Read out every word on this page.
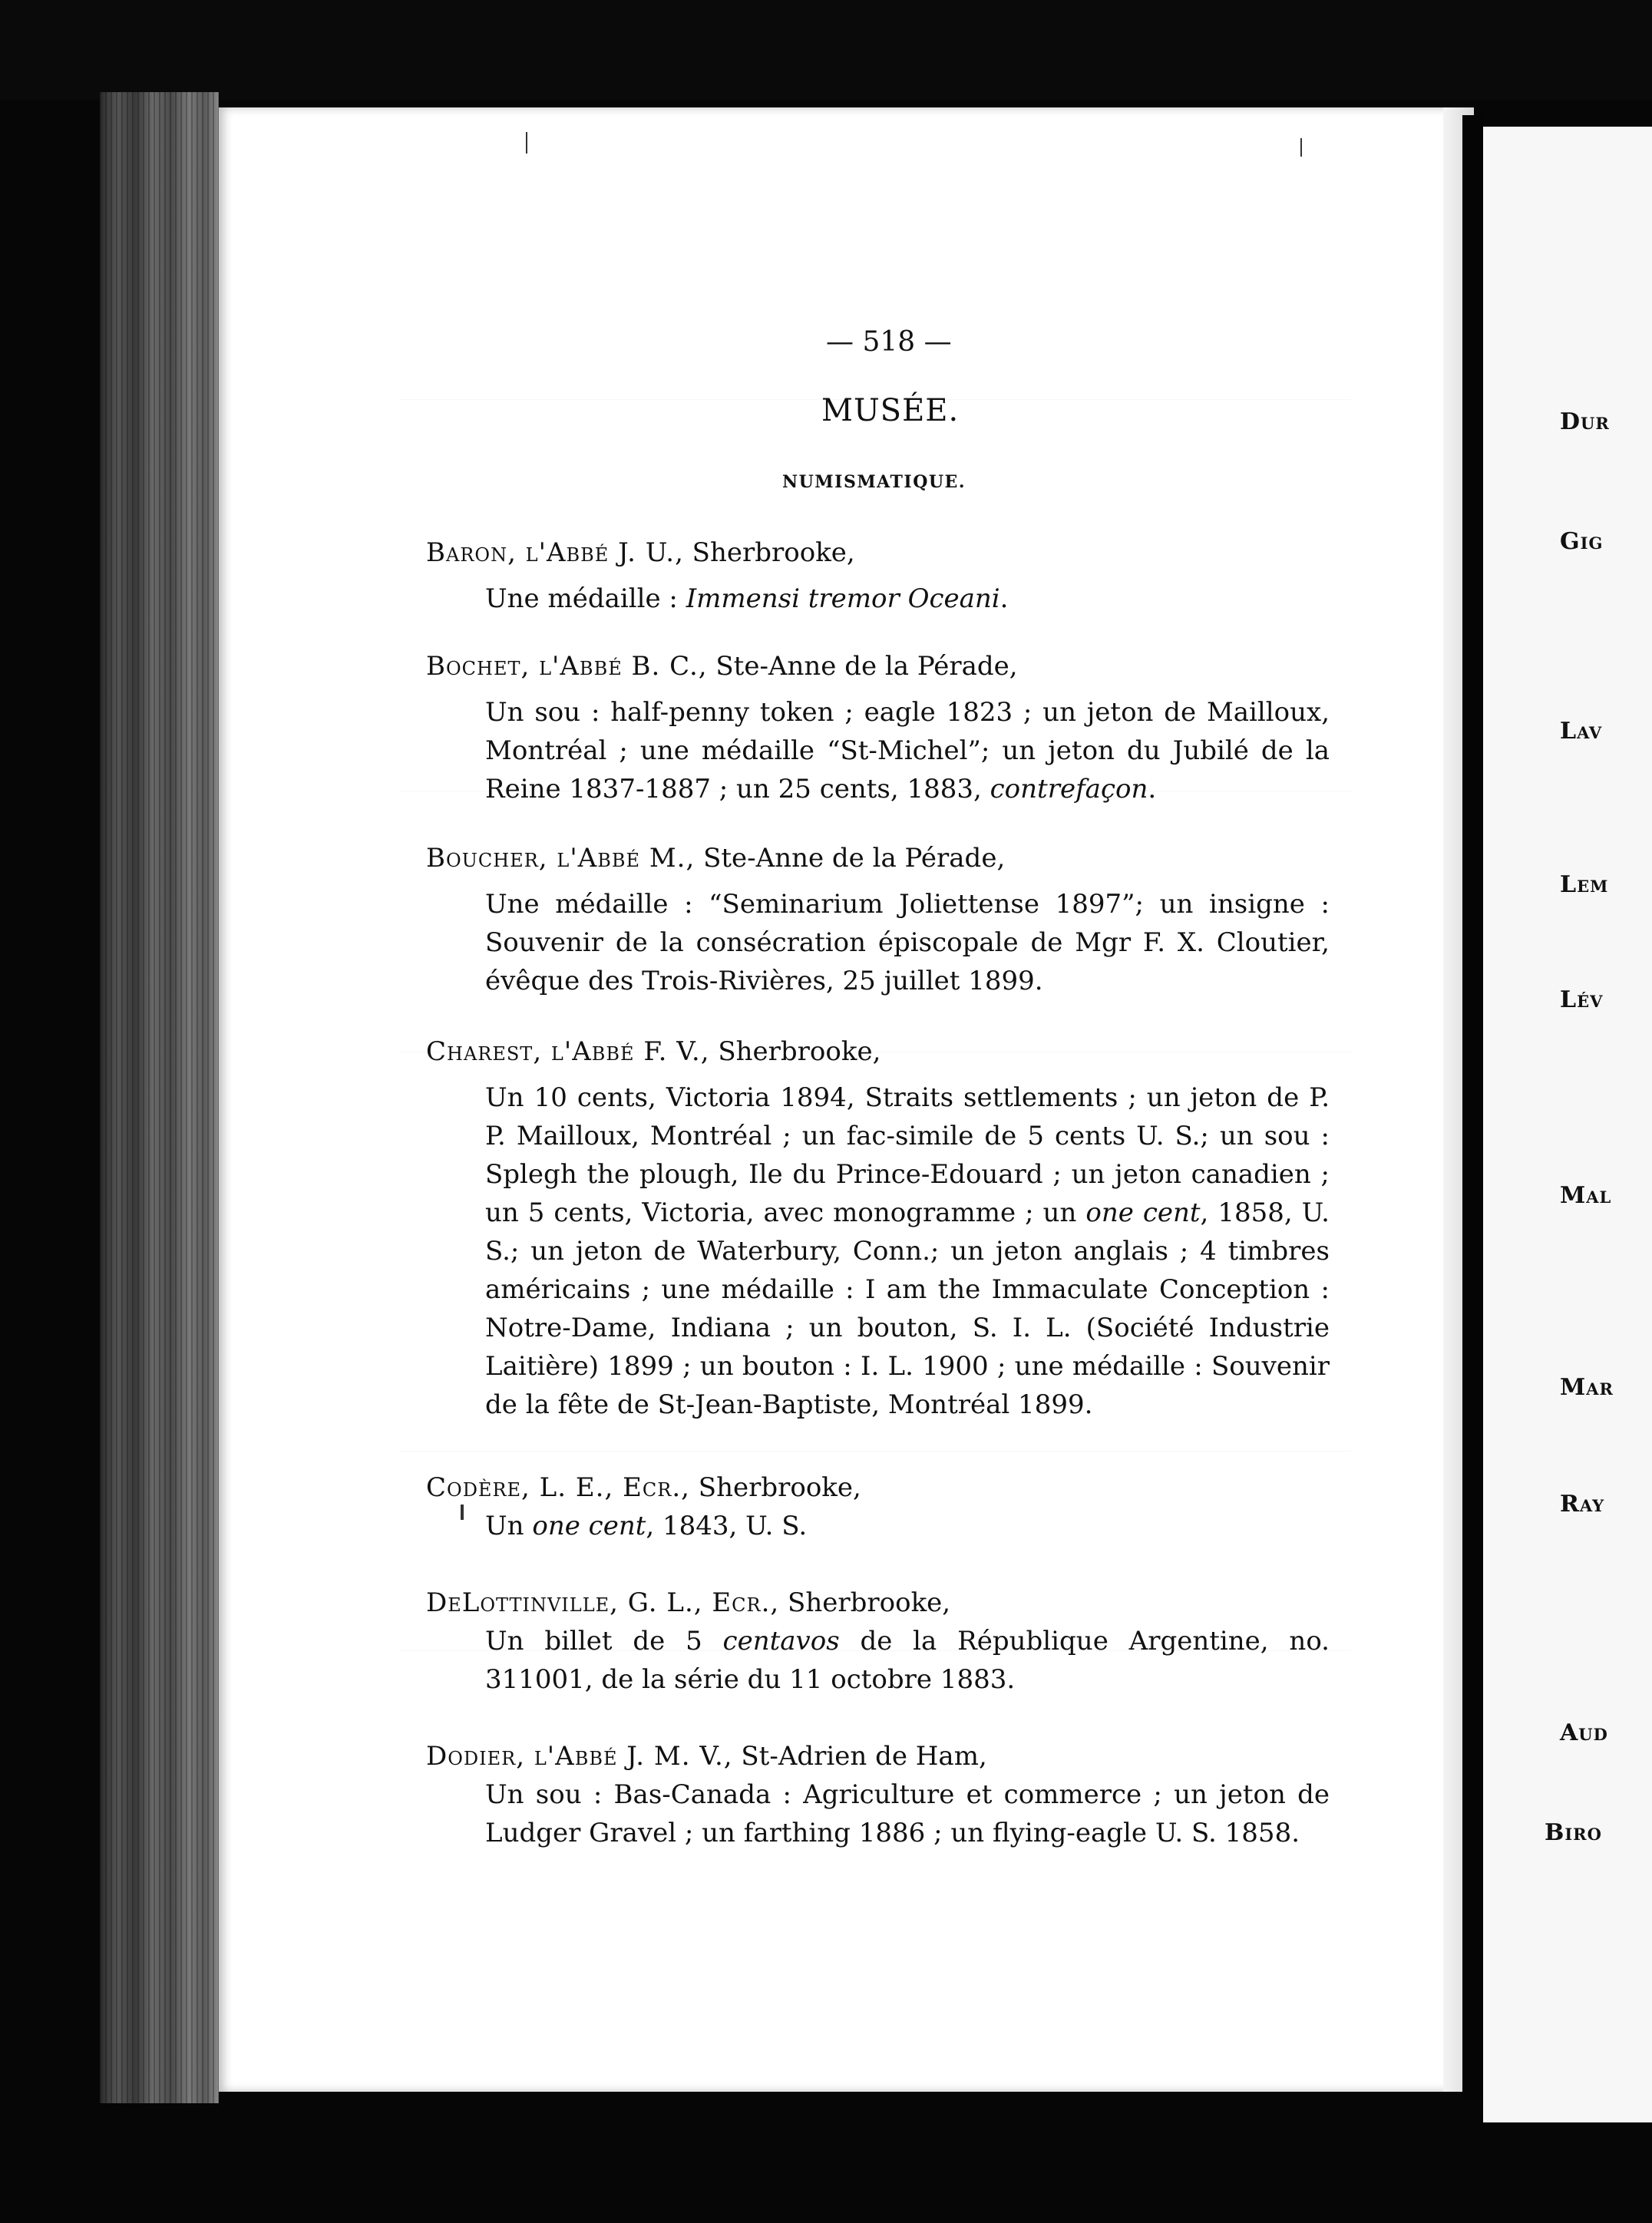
— 518 —
MUSÉE.
NUMISMATIQUE.
Baron, l'Abbé J. U., Sherbrooke,
Une médaille : Immensi tremor Oceani.
Bochet, l'Abbé B. C., Ste-Anne de la Pérade,
Un sou : half-penny token ; eagle 1823 ; un jeton de Mailloux, Montréal ; une médaille “St-Michel”; un jeton du Jubilé de la Reine 1837-1887 ; un 25 cents, 1883, contrefaçon.
Boucher, l'Abbé M., Ste-Anne de la Pérade,
Une médaille : “Seminarium Joliettense 1897”; un insigne : Souvenir de la consécration épiscopale de Mgr F. X. Cloutier, évêque des Trois-Rivières, 25 juillet 1899.
Charest, l'Abbé F. V., Sherbrooke,
Un 10 cents, Victoria 1894, Straits settlements ; un jeton de P. P. Mailloux, Montréal ; un fac-simile de 5 cents U. S.; un sou : Splegh the plough, Ile du Prince-Edouard ; un jeton canadien ; un 5 cents, Victoria, avec monogramme ; un one cent, 1858, U. S.; un jeton de Waterbury, Conn.; un jeton anglais ; 4 timbres américains ; une médaille : I am the Immaculate Conception : Notre-Dame, Indiana ; un bouton, S. I. L. (Société Industrie Laitière) 1899 ; un bouton : I. L. 1900 ; une médaille : Souvenir de la fête de St-Jean-Baptiste, Montréal 1899.
Codère, L. E., Ecr., Sherbrooke,
Un one cent, 1843, U. S.
DeLottinville, G. L., Ecr., Sherbrooke,
Un billet de 5 centavos de la République Argentine, no. 311001, de la série du 11 octobre 1883.
Dodier, l'Abbé J. M. V., St-Adrien de Ham,
Un sou : Bas-Canada : Agriculture et commerce ; un jeton de Ludger Gravel ; un farthing 1886 ; un flying-eagle U. S. 1858.
Dur
Gig
Lav
Lem
Lév
Mal
Mar
Ray
Aud
Biro
